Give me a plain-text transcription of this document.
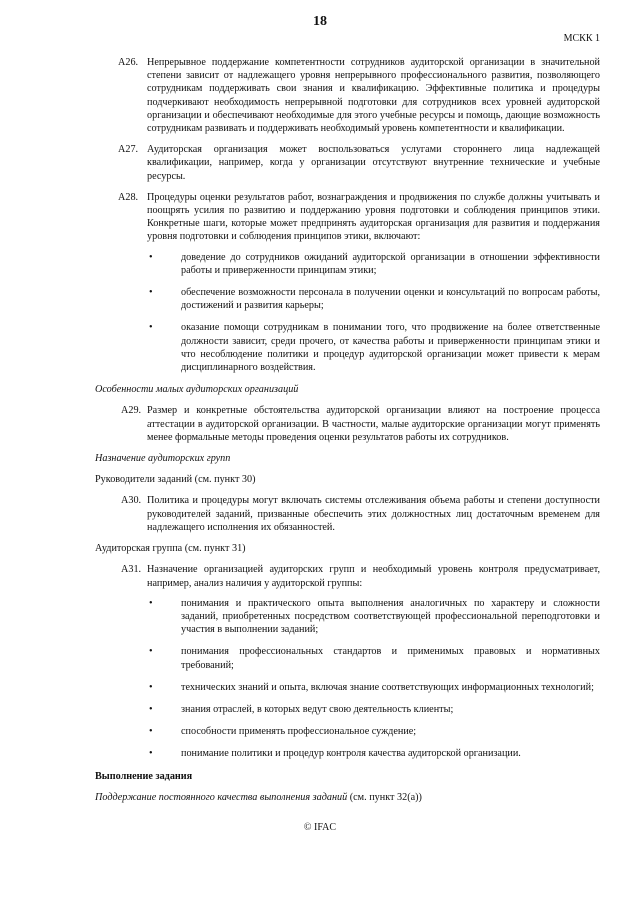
18
МСКК 1
A26. Непрерывное поддержание компетентности сотрудников аудиторской организации в значительной степени зависит от надлежащего уровня непрерывного профессионального развития, позволяющего сотрудникам поддерживать свои знания и квалификацию. Эффективные политика и процедуры подчеркивают необходимость непрерывной подготовки для сотрудников всех уровней аудиторской организации и обеспечивают необходимые для этого учебные ресурсы и помощь, дающие возможность сотрудникам развивать и поддерживать необходимый уровень компетентности и квалификации.
A27. Аудиторская организация может воспользоваться услугами стороннего лица надлежащей квалификации, например, когда у организации отсутствуют внутренние технические и учебные ресурсы.
A28. Процедуры оценки результатов работ, вознаграждения и продвижения по службе должны учитывать и поощрять усилия по развитию и поддержанию уровня подготовки и соблюдения принципов этики. Конкретные шаги, которые может предпринять аудиторская организация для развития и поддержания уровня подготовки и соблюдения принципов этики, включают:
•	доведение до сотрудников ожиданий аудиторской организации в отношении эффективности работы и приверженности принципам этики;
•	обеспечение возможности персонала в получении оценки и консультаций по вопросам работы, достижений и развития карьеры;
•	оказание помощи сотрудникам в понимании того, что продвижение на более ответственные должности зависит, среди прочего, от качества работы и приверженности принципам этики и что несоблюдение политики и процедур аудиторской организации может привести к мерам дисциплинарного воздействия.
Особенности малых аудиторских организаций
A29. Размер и конкретные обстоятельства аудиторской организации влияют на построение процесса аттестации в аудиторской организации. В частности, малые аудиторские организации могут применять менее формальные методы проведения оценки результатов работы их сотрудников.
Назначение аудиторских групп
Руководители заданий (см. пункт 30)
A30. Политика и процедуры могут включать системы отслеживания объема работы и степени доступности руководителей заданий, призванные обеспечить этих должностных лиц достаточным временем для надлежащего исполнения их обязанностей.
Аудиторская группа (см. пункт 31)
A31. Назначение организацией аудиторских групп и необходимый уровень контроля предусматривает, например, анализ наличия у аудиторской группы:
•	понимания и практического опыта выполнения аналогичных по характеру и сложности заданий, приобретенных посредством соответствующей профессиональной переподготовки и участия в выполнении заданий;
•	понимания профессиональных стандартов и применимых правовых и нормативных требований;
•	технических знаний и опыта, включая знание соответствующих информационных технологий;
•	знания отраслей, в которых ведут свою деятельность клиенты;
•	способности применять профессиональное суждение;
•	понимание политики и процедур контроля качества аудиторской организации.
Выполнение задания
Поддержание постоянного качества выполнения заданий (см. пункт 32(a))
© IFAC
